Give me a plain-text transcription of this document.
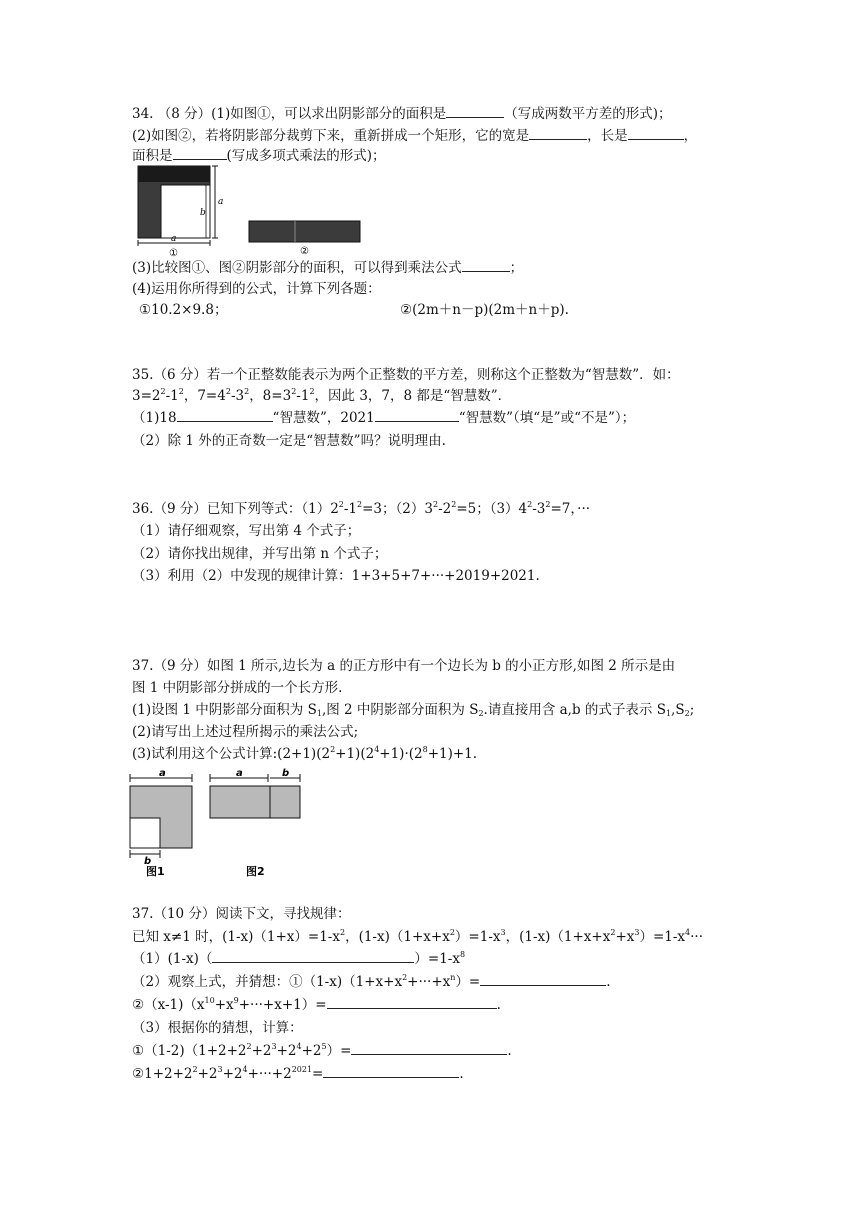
34. （8 分）(1)如图①，可以求出阴影部分的面积是	（写成两数平方差的形式)；
(2)如图②，若将阴影部分裁剪下来，重新拼成一个矩形，它的宽是	，长是	，
面积是	(写成多项式乘法的形式)；
a
b
a
①	②
(3)比较图①、图②阴影部分的面积，可以得到乘法公式	；
(4)运用你所得到的公式，计算下列各题：
①10.2×9.8；	②(2m＋n－p)(2m＋n＋p).
35.（6 分）若一个正整数能表示为两个正整数的平方差，则称这个正整数为“智慧数”．如：
$3=2^2-1^2$，$7=4^2-3^2$，$8=3^2-1^2$，因此 3，7，8 都是“智慧数”．
（1)18	“智慧数”，2021	“智慧数”（填“是”或“不是”）；
（2）除 1 外的正奇数一定是“智慧数”吗？说明理由.
36.（9 分）已知下列等式：$(1)2^2-1^2=3$；$(2)3^2-2^2=5$；$(3)4^2-3^2=7$，···
（1）请仔细观察，写出第 4 个式子；
（2）请你找出规律，并写出第 n 个式子；
（3）利用（2）中发现的规律计算：1+3+5+7+···+2019+2021.
37.（9 分）如图 1 所示,边长为 a 的正方形中有一个边长为 b 的小正方形,如图 2 所示是由
图 1 中阴影部分拼成的一个长方形.
(1)设图 1 中阴影部分面积为 $S_1$,图 2 中阴影部分面积为 $S_2$.请直接用含 a,b 的式子表示 $S_1,S_2$;
(2)请写出上述过程所揭示的乘法公式;
(3)试利用这个公式计算$:(2+1)(2^2+1)(2^4+1)\cdot(2^8+1)+1$.
a
b
图1
a	b
图2
37.（10 分）阅读下文，寻找规律：
已知 x≠1 时，$(1-x)(1+x)=1-x^2$，$(1-x)(1+x+x^2)=1-x^3$，$(1-x)(1+x+x^2+x^3)=1-x^4\cdot\cdot\cdot$
（1）(1-x)（	）$=1-x^8$
（2）观察上式，并猜想：$①(1-x)(1+x+x^2+\cdot\cdot\cdot+x^n)=$	.
$②(x-1)(x^{10}+x^9+\cdot\cdot\cdot+x+1)=$	.
（3）根据你的猜想，计算：
$①(1-2)(1+2+2^2+2^3+2^4+2^5)=$	.
$②1+2+2^2+2^3+2^4+\cdot\cdot\cdot+2^{2021}=$	.
